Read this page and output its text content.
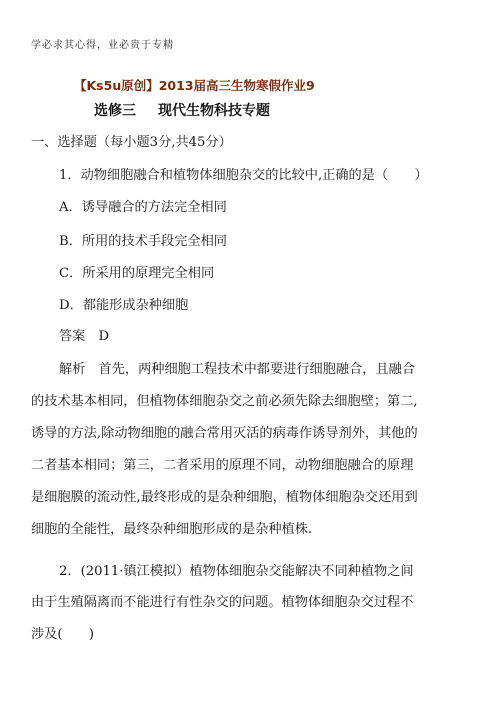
学必求其心得，业必贵于专精
【Ks5u原创】2013届高三生物寒假作业9
选修三 现代生物科技专题
一、选择题（每小题3分,共45分）
1．动物细胞融合和植物体细胞杂交的比较中,正确的是（　　）
A．诱导融合的方法完全相同
B．所用的技术手段完全相同
C．所采用的原理完全相同
D．都能形成杂种细胞
答案　D
解析　首先，两种细胞工程技术中都要进行细胞融合，且融合
的技术基本相同，但植物体细胞杂交之前必须先除去细胞壁；第二,
诱导的方法,除动物细胞的融合常用灭活的病毒作诱导剂外，其他的
二者基本相同；第三，二者采用的原理不同，动物细胞融合的原理
是细胞膜的流动性,最终形成的是杂种细胞，植物体细胞杂交还用到
细胞的全能性，最终杂种细胞形成的是杂种植株.
2．(2011·镇江模拟）植物体细胞杂交能解决不同种植物之间
由于生殖隔离而不能进行有性杂交的问题。植物体细胞杂交过程不
涉及(　　)
